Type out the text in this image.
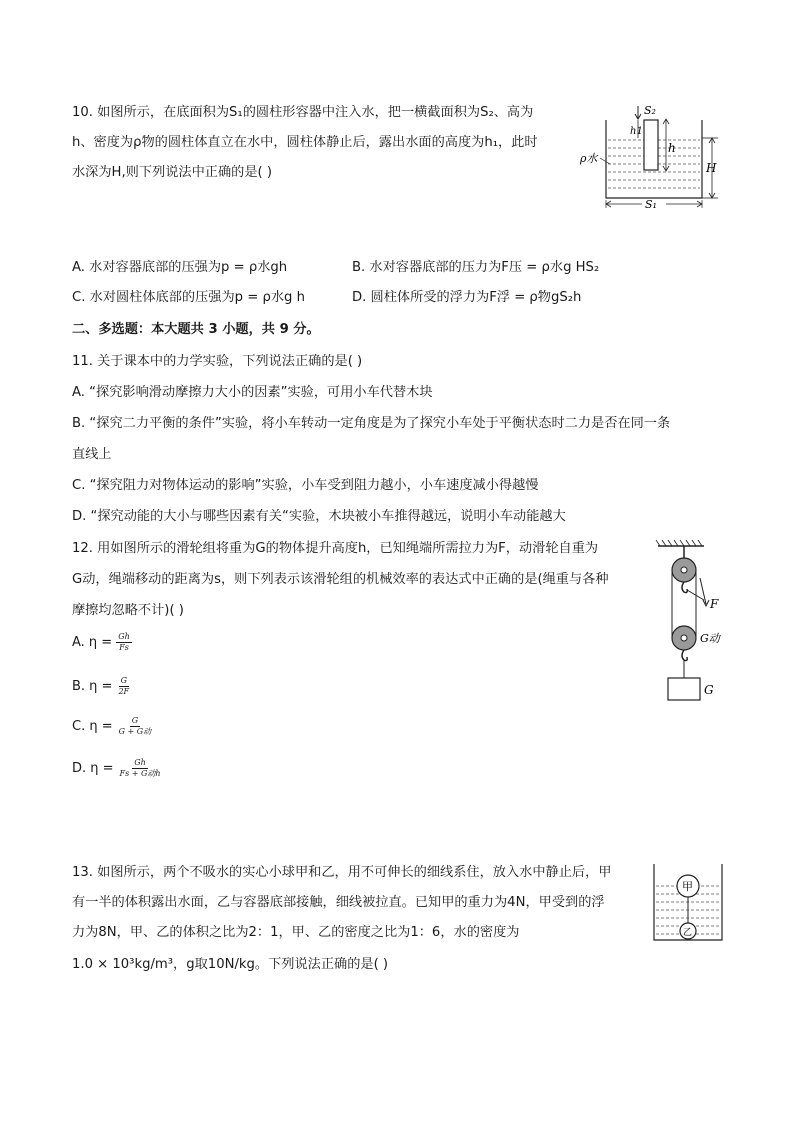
10. 如图所示，在底面积为S₁的圆柱形容器中注入水，把一横截面积为S₂、高为
h、密度为ρ物的圆柱体直立在水中，圆柱体静止后，露出水面的高度为h₁，此时
水深为H,则下列说法中正确的是( )
S₂
h1
h
H
ρ水
S₁
A. 水对容器底部的压强为p = ρ水gh	B. 水对容器底部的压力为F压 = ρ水g HS₂
C. 水对圆柱体底部的压强为p = ρ水g h	D. 圆柱体所受的浮力为F浮 = ρ物gS₂h
二、多选题：本大题共 3 小题，共 9 分。
11. 关于课本中的力学实验，下列说法正确的是( )
A. “探究影响滑动摩擦力大小的因素”实验，可用小车代替木块
B. “探究二力平衡的条件”实验，将小车转动一定角度是为了探究小车处于平衡状态时二力是否在同一条
直线上
C. “探究阻力对物体运动的影响”实验，小车受到阻力越小，小车速度减小得越慢
D. “探究动能的大小与哪些因素有关“实验，木块被小车推得越远，说明小车动能越大
12. 用如图所示的滑轮组将重为G的物体提升高度h，已知绳端所需拉力为F，动滑轮自重为
G动，绳端移动的距离为s，则下列表示该滑轮组的机械效率的表达式中正确的是(绳重与各种
摩擦均忽略不计)( )
A. $\eta = \frac{Gh}{Fs}$
B. $\eta = \frac{G}{2F}$
C. $\eta = \frac{G}{\text{G + G动}}$
D. $\eta = \frac{Gh}{\text{Fs + G动h}}$
F
G动
G
13. 如图所示，两个不吸水的实心小球甲和乙，用不可伸长的细线系住，放入水中静止后，甲
有一半的体积露出水面，乙与容器底部接触，细线被拉直。已知甲的重力为4N，甲受到的浮
力为8N，甲、乙的体积之比为2：1，甲、乙的密度之比为1：6，水的密度为
1.0 × 10³kg/m³，g取10N/kg。下列说法正确的是( )
甲
乙
